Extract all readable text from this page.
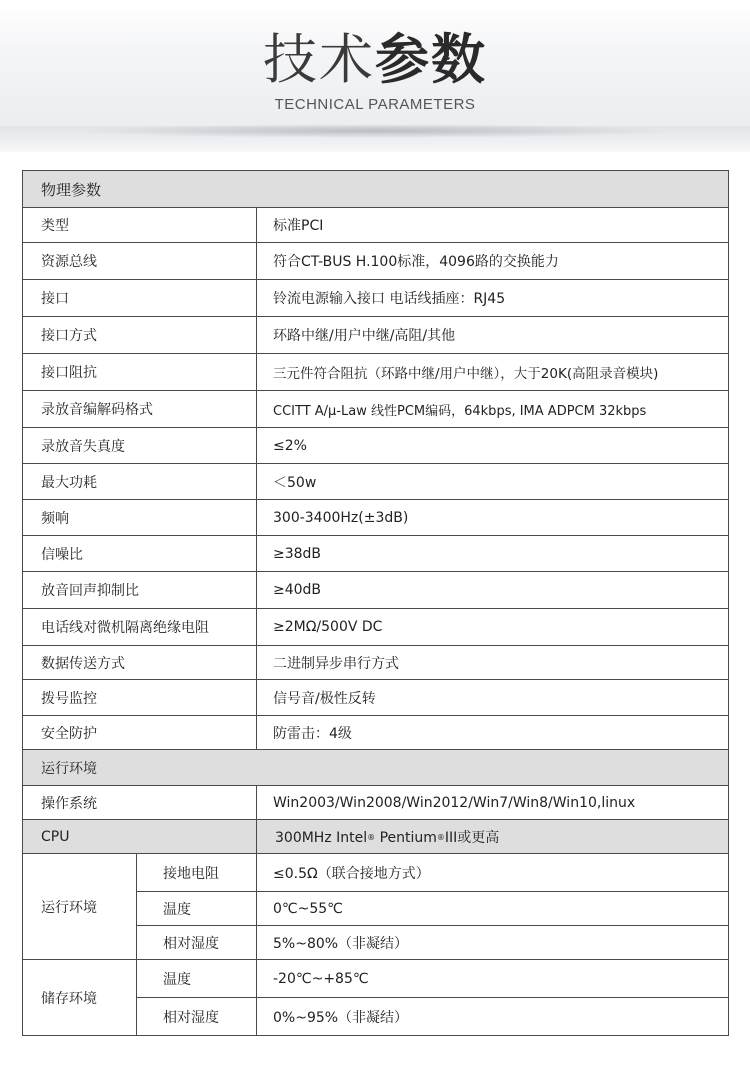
技术参数
TECHNICAL PARAMETERS
物理参数		
类型		标准PCI
资源总线		符合CT-BUS H.100标准，4096路的交换能力
接口		铃流电源输入接口 电话线插座：RJ45
接口方式		环路中继/用户中继/高阻/其他
接口阻抗		三元件符合阻抗（环路中继/用户中继），大于20K(高阻录音模块)
录放音编解码格式		CCITT A/μ-Law 线性PCM编码，64kbps, IMA ADPCM 32kbps
录放音失真度		≤2%
最大功耗		＜50w
频响		300-3400Hz(±3dB)
信噪比		≥38dB
放音回声抑制比		≥40dB
电话线对微机隔离绝缘电阻		≥2MΩ/500V DC
数据传送方式		二进制异步串行方式
拨号监控		信号音/极性反转
安全防护		防雷击：4级
运行环境		
操作系统		Win2003/Win2008/Win2012/Win7/Win8/Win10,linux
CPU		300MHz Intel® Pentium®III或更高
运行环境	接地电阻	≤0.5Ω（联合接地方式）
	温度	0℃~55℃
	相对湿度	5%~80%（非凝结）
储存环境	温度	-20℃~+85℃
	相对湿度	0%~95%（非凝结）
